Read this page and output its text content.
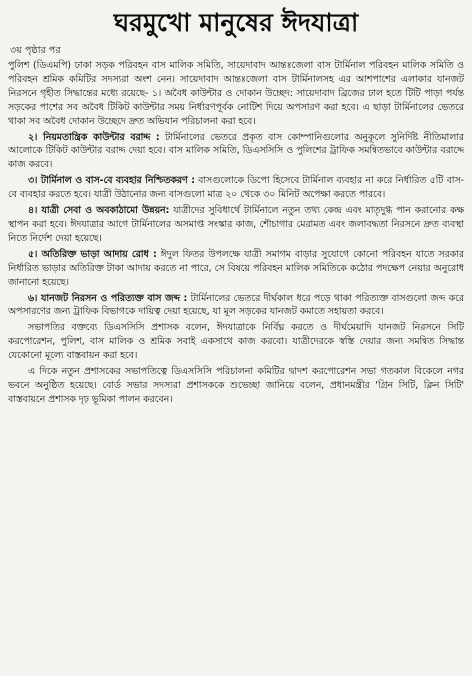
ঘরমুখো মানুষের ঈদযাত্রা
৩য় পৃষ্ঠার পর

পুলিশ (ডিএমপি) ঢাকা সড়ক পরিবহন বাস মালিক সমিতি, সায়েদাবাদ আন্তঃজেলা বাস টার্মিনাল পরিবহন মালিক সমিতি ও পরিবহন শ্রমিক কমিটির সদস্যরা অংশ নেন। সায়েদাবাদ আন্তঃজেলা বাস টার্মিনালসহ এর আশপাশের এলাকার যানজট নিরসনে গৃহীত সিদ্ধান্তের মধ্যে রয়েছে- ১। অবৈধ কাউন্টার ও দোকান উচ্ছেদ: সায়েদাবাদ ব্রিজের ঢাল হতে টিটি পাড়া পর্যন্ত সড়কের পাশের সব অবৈধ টিকিট কাউন্টার সময় নির্ধারণপূর্বক নোটিশ দিয়ে অপসারণ করা হবে। এ ছাড়া টার্মিনালের ভেতরে থাকা সব অবৈধ দোকান উচ্ছেদে দ্রুত অভিযান পরিচালনা করা হবে।

২। নিয়মতান্ত্রিক কাউন্টার বরাদ্দ : টার্মিনালের ভেতরে প্রকৃত বাস কোম্পানিগুলোর অনুকূলে সুনির্দিষ্ট নীতিমালার আলোকে টিকিট কাউন্টার বরাদ্দ দেয়া হবে। বাস মালিক সমিতি, ডিএসসিসি ও পুলিশের ট্রাফিক সমন্বিতভাবে কাউন্টার বরাদ্দে কাজ করবে।

৩। টার্মিনাল ও বাস-বে ব্যবহার নিশ্চিতকরণ : বাসগুলোকে ডিপো হিসেবে টার্মিনাল ব্যবহার না করে নির্ধারিত ৫টি বাস-বে ব্যবহার করতে হবে। যাত্রী উঠানোর জন্য বাসগুলো মাত্র ২০ থেকে ৩০ মিনিট অপেক্ষা করতে পারবে।

৪। যাত্রী সেবা ও অবকাঠামো উন্নয়ন: যাত্রীদের সুবিধার্থে টার্মিনালে নতুন তথ্য কেন্দ্র এবং মাতৃদুগ্ধ পান করানোর কক্ষ স্থাপন করা হবে। ঈদযাত্রার আগে টার্মিনালের অসমাপ্ত সংস্কার কাজ, শৌচাগার মেরামত এবং জলাবদ্ধতা নিরসনে দ্রুত ব্যবস্থা নিতে নির্দেশ দেয়া হয়েছে।

৫। অতিরিক্ত ভাড়া আদায় রোধ : ঈদুল ফিতর উপলক্ষে যাত্রী সমাগম বাড়ার সুযোগে কোনো পরিবহন যাতে সরকার নির্ধারিত ভাড়ার অতিরিক্ত টাকা আদায় করতে না পারে, সে বিষয়ে পরিবহন মালিক সমিতিকে কঠোর পদক্ষেপ নেয়ার অনুরোধ জানানো হয়েছে।

৬। যানজট নিরসন ও পরিত্যক্ত বাস জব্দ : টার্মিনালের ভেতরে দীর্ঘকাল ধরে পড়ে থাকা পরিত্যক্ত বাসগুলো জব্দ করে অপসারণের জন্য ট্রাফিক বিভাগকে দায়িত্ব দেয়া হয়েছে, যা মূল সড়কের যানজট কমাতে সহায়তা করবে।

সভাপতির বক্তব্যে ডিএসসিসি প্রশাসক বলেন, ঈদযাত্রাকে নির্বিঘ্ন করতে ও দীর্ঘমেয়াদি যানজট নিরসনে সিটি করপোরেশন, পুলিশ, বাস মালিক ও শ্রমিক সবাই একসাথে কাজ করবো। যাত্রীদেরকে স্বস্তি দেয়ার জন্য সমন্বিত সিদ্ধান্ত যেকোনো মূল্যে বাস্তবায়ন করা হবে।

এ দিকে নতুন প্রশাসকের সভাপতিত্বে ডিএসসিসি পরিচালনা কমিটির দ্বাদশ করপোরেশন সভা গতকাল বিকেলে নগর ভবনে অনুষ্ঠিত হয়েছে। বোর্ড সভার সদস্যরা প্রশাসককে শুভেচ্ছা জানিয়ে বলেন, প্রধানমন্ত্রীর 'গ্রিন সিটি, ক্লিন সিটি' বাস্তবায়নে প্রশাসক দৃঢ় ভূমিকা পালন করবেন।
